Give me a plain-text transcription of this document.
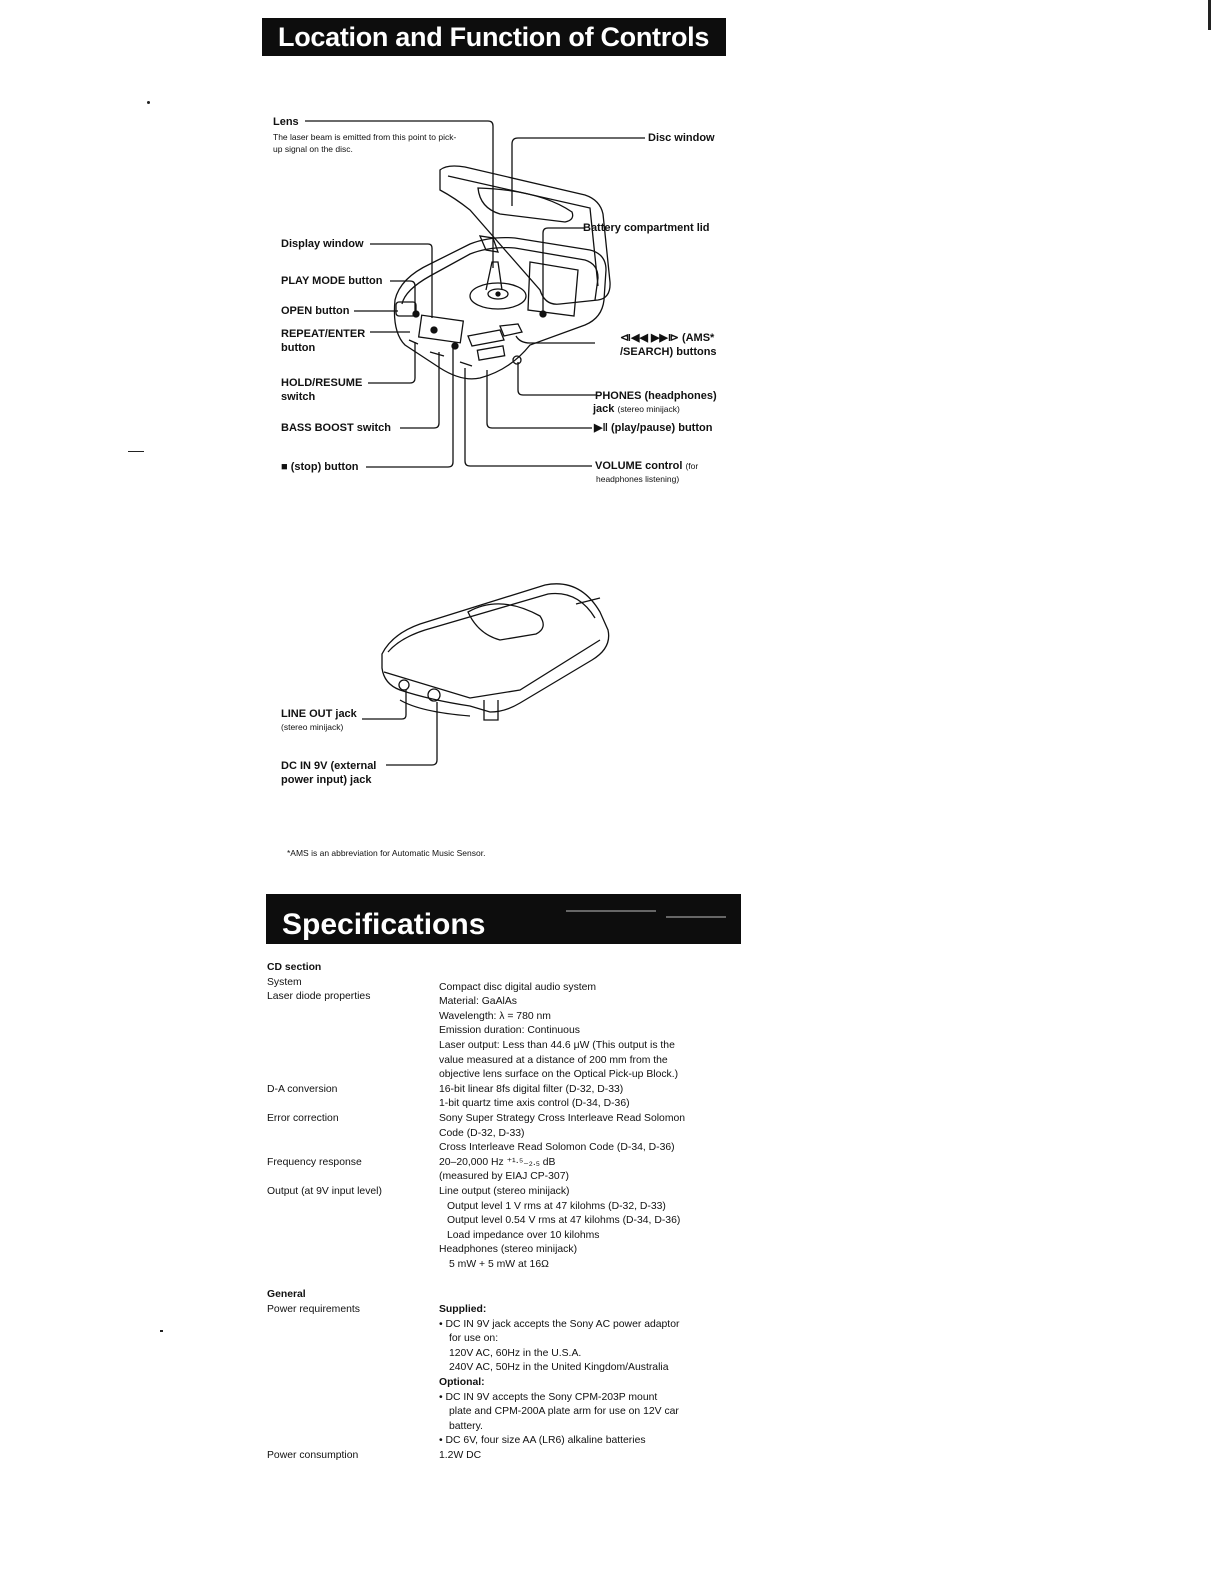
Location and Function of Controls
Lens
The laser beam is emitted from this point to pick-up signal on the disc.
Display window
PLAY MODE button
OPEN button
REPEAT/ENTER
button
HOLD/RESUME
switch
BASS BOOST switch
■ (stop) button
Disc window
Battery compartment lid
⧏◀◀ ▶▶⧐ (AMS*
/SEARCH) buttons
PHONES (headphones)
jack (stereo minijack)
▶‖ (play/pause) button
VOLUME control (for
headphones listening)
LINE OUT jack
(stereo minijack)
DC IN 9V (external
power input) jack
*AMS is an abbreviation for Automatic Music Sensor.
Specifications
CD section
System	Compact disc digital audio system
Laser diode properties	Material: GaAlAs
Wavelength: λ = 780 nm
Emission duration: Continuous
Laser output: Less than 44.6 μW (This output is the
value measured at a distance of 200 mm from the
objective lens surface on the Optical Pick-up Block.)
D-A conversion	16-bit linear 8fs digital filter (D-32, D-33)
1-bit quartz time axis control (D-34, D-36)
Error correction	Sony Super Strategy Cross Interleave Read Solomon
Code (D-32, D-33)
Cross Interleave Read Solomon Code (D-34, D-36)
Frequency response	20–20,000 Hz ⁺¹·⁵₋₂.₅ dB
(measured by EIAJ CP-307)
Output (at 9V input level)	Line output (stereo minijack)
Output level 1 V rms at 47 kilohms (D-32, D-33)
Output level 0.54 V rms at 47 kilohms (D-34, D-36)
Load impedance over 10 kilohms
Headphones (stereo minijack)
5 mW + 5 mW at 16Ω
General
Power requirements	Supplied:
• DC IN 9V jack accepts the Sony AC power adaptor
for use on:
120V AC, 60Hz in the U.S.A.
240V AC, 50Hz in the United Kingdom/Australia
Optional:
• DC IN 9V accepts the Sony CPM-203P mount
plate and CPM-200A plate arm for use on 12V car
battery.
• DC 6V, four size AA (LR6) alkaline batteries
Power consumption	1.2W DC
